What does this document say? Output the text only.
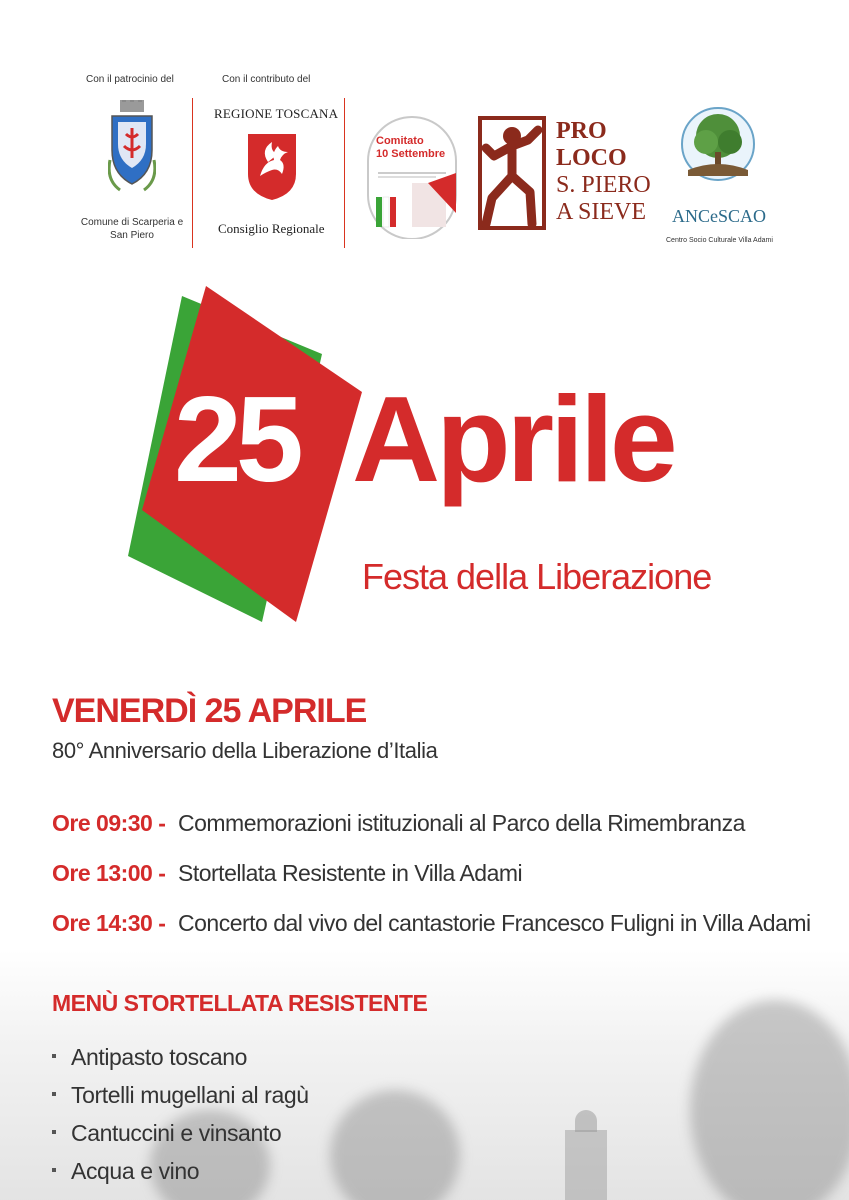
Con il patrocinio del	Con il contributo del
Comune di Scarperia e San Piero
REGIONE TOSCANA
Consiglio Regionale
Comitato
10 Settembre
PRO
LOCO
S. PIERO
A SIEVE ANCeSCAO
Centro Socio Culturale Villa Adami
25 Aprile
Festa della Liberazione
VENERDÌ 25 APRILE
80° Anniversario della Liberazione d’Italia
Ore 09:30 - Commemorazioni istituzionali al Parco della Rimembranza
Ore 13:00 - Stortellata Resistente in Villa Adami
Ore 14:30 - Concerto dal vivo del cantastorie Francesco Fuligni in Villa Adami
MENÙ STORTELLATA RESISTENTE
Antipasto toscano
Tortelli mugellani al ragù
Cantuccini e vinsanto
Acqua e vino
